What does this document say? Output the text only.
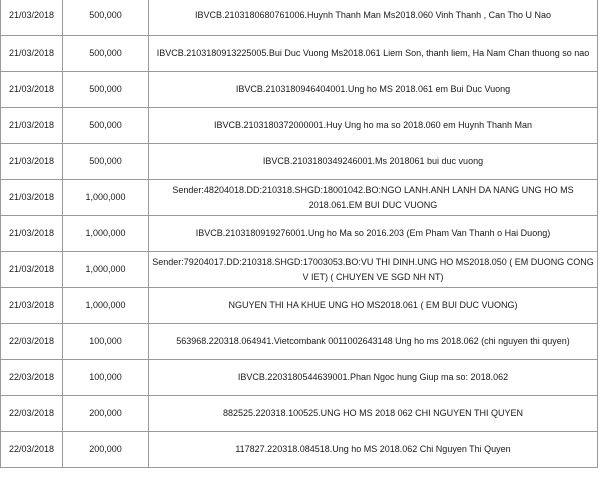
21/03/2018	500,000	IBVCB.2103180680761006.Huynh Thanh Man Ms2018.060 Vinh Thanh , Can Tho U Nao
21/03/2018	500,000	IBVCB.2103180913225005.Bui Duc Vuong Ms2018.061 Liem Son, thanh liem, Ha Nam Chan thuong so nao
21/03/2018	500,000	IBVCB.2103180946404001.Ung ho MS 2018.061 em Bui Duc Vuong
21/03/2018	500,000	IBVCB.2103180372000001.Huy Ung ho ma so 2018.060 em Huynh Thanh Man
21/03/2018	500,000	IBVCB.2103180349246001.Ms 2018061 bui duc vuong
21/03/2018	1,000,000	Sender:48204018.DD:210318.SHGD:18001042.BO:NGO LANH.ANH LANH DA NANG UNG HO MS 2018.061.EM BUI DUC VUONG
21/03/2018	1,000,000	IBVCB.2103180919276001.Ung ho Ma so 2016.203 (Em Pham Van Thanh o Hai Duong)
21/03/2018	1,000,000	Sender:79204017.DD:210318.SHGD:17003053.BO:VU THI DINH.UNG HO MS2018.050 ( EM DUONG CONG V IET) ( CHUYEN VE SGD NH NT)
21/03/2018	1,000,000	NGUYEN THI HA KHUE UNG HO MS2018.061 ( EM BUI DUC VUONG)
22/03/2018	100,000	563968.220318.064941.Vietcombank 0011002643148 Ung ho ms 2018.062 (chi nguyen thi quyen)
22/03/2018	100,000	IBVCB.2203180544639001.Phan Ngoc hung Giup ma so: 2018.062
22/03/2018	200,000	882525.220318.100525.UNG HO MS 2018 062 CHI NGUYEN THI QUYEN
22/03/2018	200,000	117827.220318.084518.Ung ho MS 2018.062 Chi Nguyen Thi Quyen
